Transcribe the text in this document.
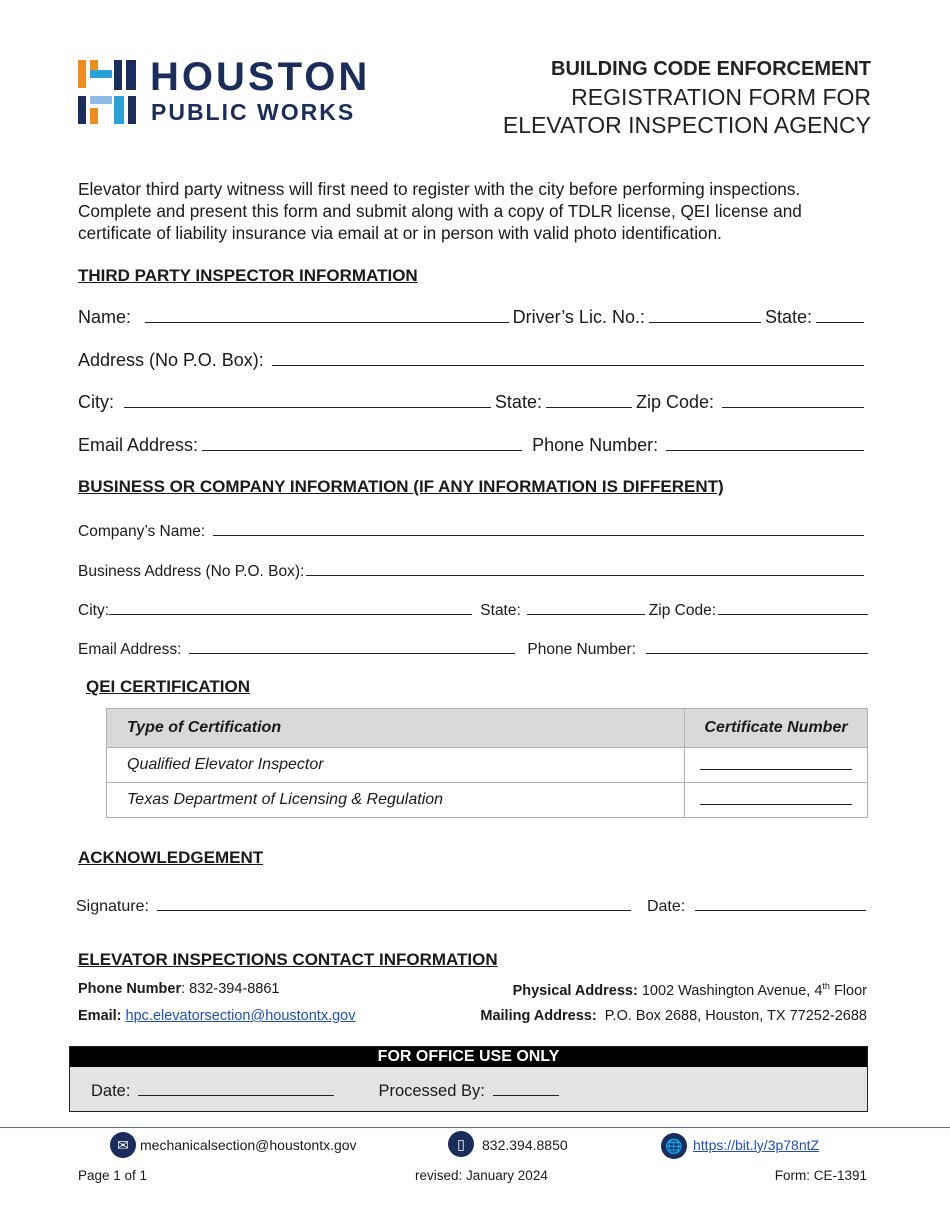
HOUSTON
PUBLIC WORKS
BUILDING CODE ENFORCEMENT
REGISTRATION FORM FOR
ELEVATOR INSPECTION AGENCY
Elevator third party witness will first need to register with the city before performing inspections. Complete and present this form and submit along with a copy of TDLR license, QEI license and certificate of liability insurance via email at or in person with valid photo identification.
THIRD PARTY INSPECTOR INFORMATION
Name:	Driver’s Lic. No.:	State:
Address (No P.O. Box):
City:	State:	Zip Code:
Email Address:	Phone Number:
BUSINESS OR COMPANY INFORMATION (IF ANY INFORMATION IS DIFFERENT)
Company’s Name:
Business Address (No P.O. Box):
City:	State:	Zip Code:
Email Address:	Phone Number:
QEI CERTIFICATION
Type of Certification	Certificate Number
Qualified Elevator Inspector	
Texas Department of Licensing & Regulation	
ACKNOWLEDGEMENT
Signature:	Date:
ELEVATOR INSPECTIONS CONTACT INFORMATION
Phone Number: 832-394-8861
Email: hpc.elevatorsection@houstontx.gov
Physical Address: 1002 Washington Avenue, 4th Floor
Mailing Address: P.O. Box 2688, Houston, TX 77252-2688
FOR OFFICE USE ONLY
Date:	Processed By:
✉ mechanicalsection@houstontx.gov	▯	832.394.8850	🌐 https://bit.ly/3p78ntZ
Page 1 of 1	revised: January 2024	Form: CE-1391
